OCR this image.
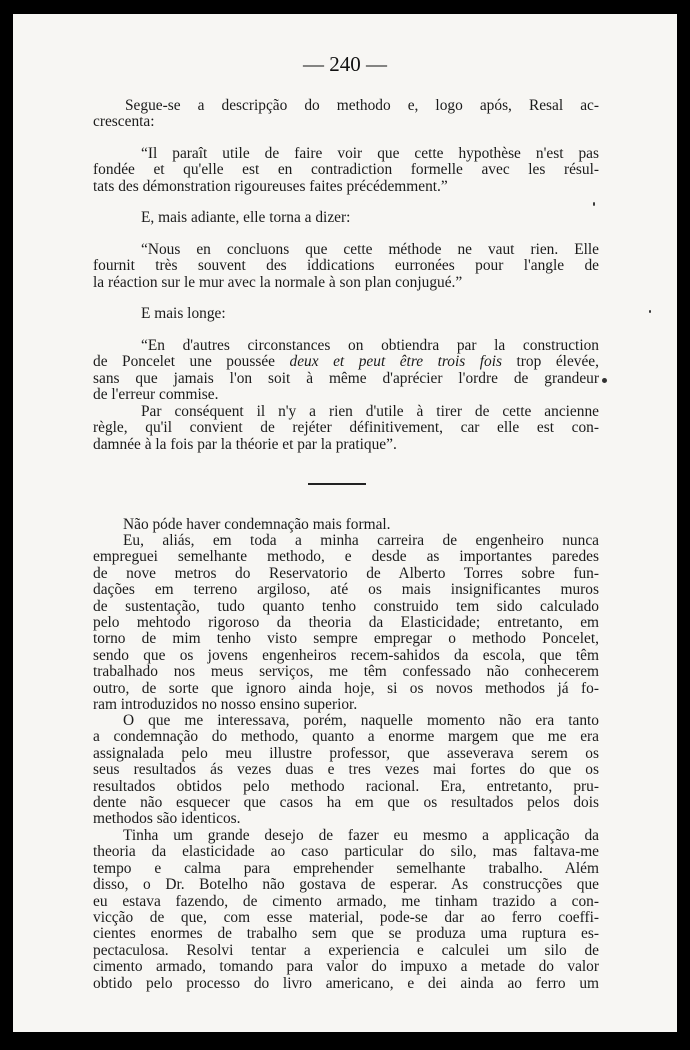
— 240 —
Segue-se a descripção do methodo e, logo após, Resal ac-
crescenta:
“Il paraît utile de faire voir que cette hypothèse n'est pas
fondée et qu'elle est en contradiction formelle avec les résul-
tats des démonstration rigoureuses faites précédemment.”
E, mais adiante, elle torna a dizer:
“Nous en concluons que cette méthode ne vaut rien. Elle
fournit très souvent des iddications eurronées pour l'angle de
la réaction sur le mur avec la normale à son plan conjugué.”
E mais longe:
“En d'autres circonstances on obtiendra par la construction
de Poncelet une poussée deux et peut être trois fois trop élevée,
sans que jamais l'on soit à même d'aprécier l'ordre de grandeur
de l'erreur commise.
Par conséquent il n'y a rien d'utile à tirer de cette ancienne
règle, qu'il convient de rejéter définitivement, car elle est con-
damnée à la fois par la théorie et par la pratique”.
Não póde haver condemnação mais formal.
Eu, aliás, em toda a minha carreira de engenheiro nunca
empreguei semelhante methodo, e desde as importantes paredes
de nove metros do Reservatorio de Alberto Torres sobre fun-
dações em terreno argiloso, até os mais insignificantes muros
de sustentação, tudo quanto tenho construido tem sido calculado
pelo mehtodo rigoroso da theoria da Elasticidade; entretanto, em
torno de mim tenho visto sempre empregar o methodo Poncelet,
sendo que os jovens engenheiros recem-sahidos da escola, que têm
trabalhado nos meus serviços, me têm confessado não conhecerem
outro, de sorte que ignoro ainda hoje, si os novos methodos já fo-
ram introduzidos no nosso ensino superior.
O que me interessava, porém, naquelle momento não era tanto
a condemnação do methodo, quanto a enorme margem que me era
assignalada pelo meu illustre professor, que asseverava serem os
seus resultados ás vezes duas e tres vezes mai fortes do que os
resultados obtidos pelo methodo racional. Era, entretanto, pru-
dente não esquecer que casos ha em que os resultados pelos dois
methodos são identicos.
Tinha um grande desejo de fazer eu mesmo a applicação da
theoria da elasticidade ao caso particular do silo, mas faltava-me
tempo e calma para emprehender semelhante trabalho. Além
disso, o Dr. Botelho não gostava de esperar. As construcções que
eu estava fazendo, de cimento armado, me tinham trazido a con-
vicção de que, com esse material, pode-se dar ao ferro coeffi-
cientes enormes de trabalho sem que se produza uma ruptura es-
pectaculosa. Resolvi tentar a experiencia e calculei um silo de
cimento armado, tomando para valor do impuxo a metade do valor
obtido pelo processo do livro americano, e dei ainda ao ferro um
